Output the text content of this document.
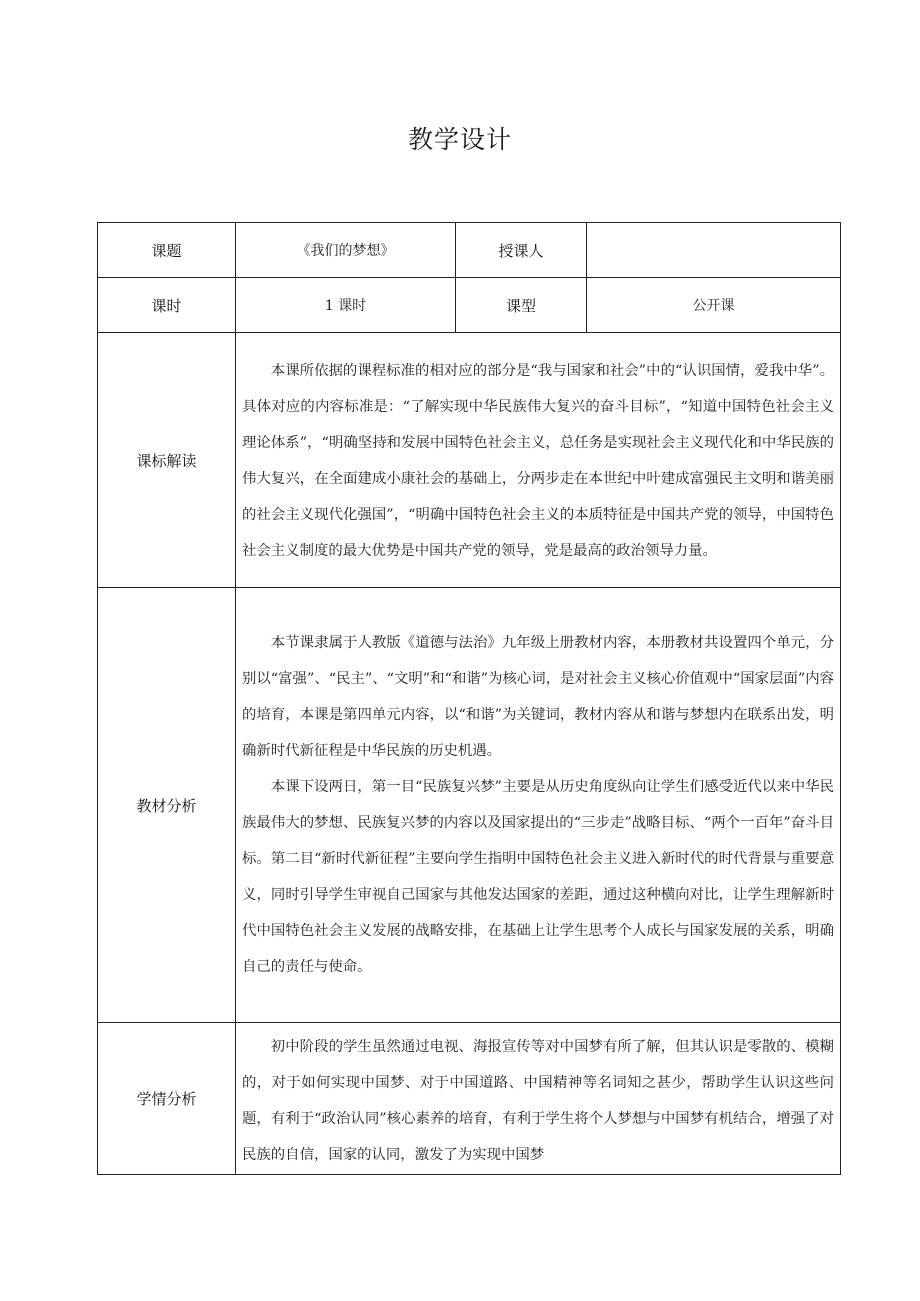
教学设计
课题	《我们的梦想》	授课人	
课时	1 课时	课型	公开课
课标解读	本课所依据的课程标准的相对应的部分是“我与国家和社会”中的“认识国情，爱我中华”。具体对应的内容标准是：“了解实现中华民族伟大复兴的奋斗目标”，“知道中国特色社会主义理论体系”，“明确坚持和发展中国特色社会主义，总任务是实现社会主义现代化和中华民族的伟大复兴，在全面建成小康社会的基础上，分两步走在本世纪中叶建成富强民主文明和谐美丽的社会主义现代化强国”，“明确中国特色社会主义的本质特征是中国共产党的领导，中国特色社会主义制度的最大优势是中国共产党的领导，党是最高的政治领导力量。		

教材分析	本节课隶属于人教版《道德与法治》九年级上册教材内容，本册教材共设置四个单元，分别以“富强”、“民主”、“文明”和“和谐”为核心词，是对社会主义核心价值观中“国家层面”内容的培育，本课是第四单元内容，以“和谐”为关键词，教材内容从和谐与梦想内在联系出发，明确新时代新征程是中华民族的历史机遇。

本课下设两日，第一目“民族复兴梦”主要是从历史角度纵向让学生们感受近代以来中华民族最伟大的梦想、民族复兴梦的内容以及国家提出的“三步走”战略目标、“两个一百年”奋斗目标。第二目“新时代新征程”主要向学生指明中国特色社会主义进入新时代的时代背景与重要意义，同时引导学生审视自己国家与其他发达国家的差距，通过这种横向对比，让学生理解新时代中国特色社会主义发展的战略安排，在基础上让学生思考个人成长与国家发展的关系，明确自己的责任与使命。		

学情分析	初中阶段的学生虽然通过电视、海报宣传等对中国梦有所了解，但其认识是零散的、模糊的，对于如何实现中国梦、对于中国道路、中国精神等名词知之甚少，帮助学生认识这些问题，有利于“政治认同”核心素养的培育，有利于学生将个人梦想与中国梦有机结合，增强了对民族的自信，国家的认同，激发了为实现中国梦		
